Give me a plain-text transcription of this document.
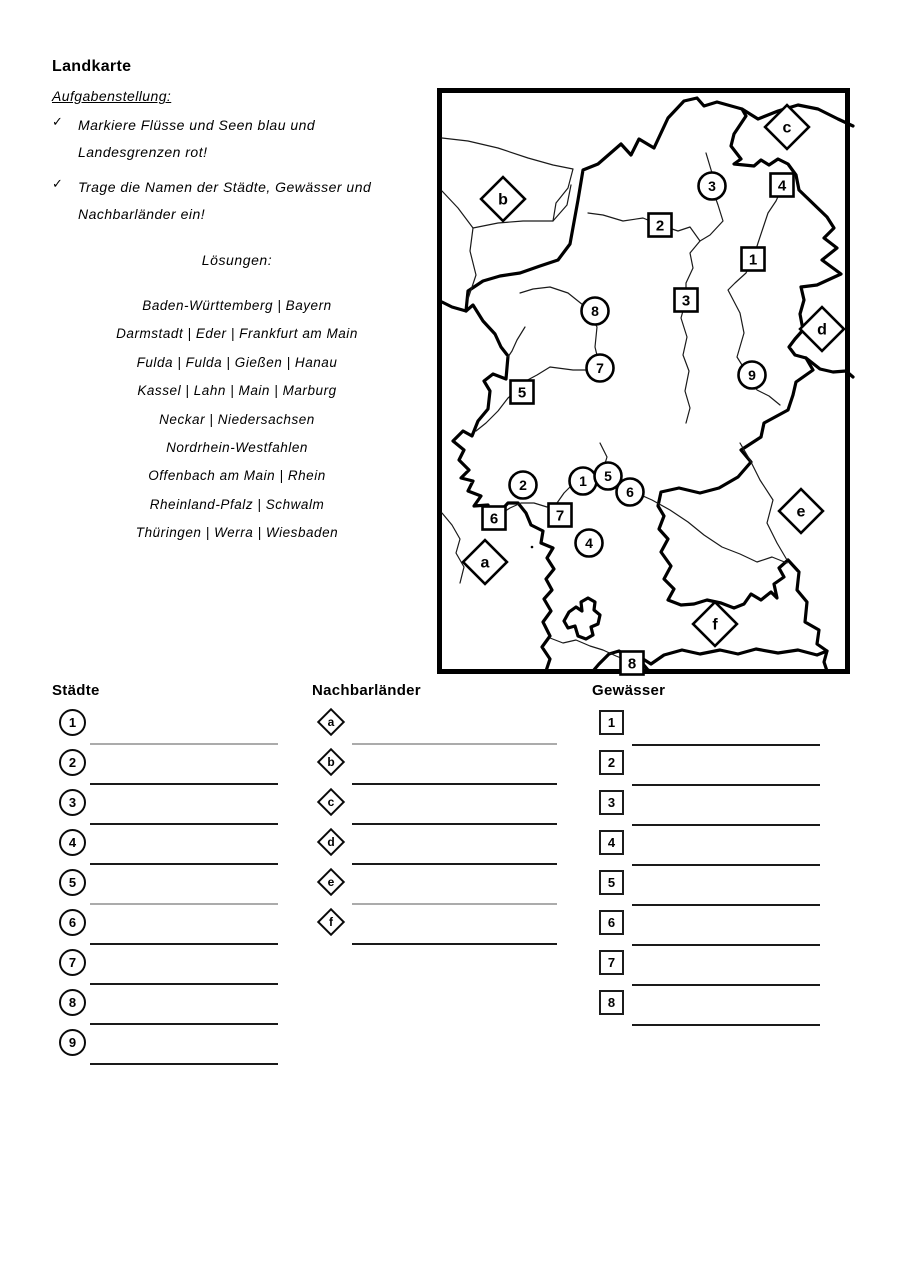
Landkarte
Aufgabenstellung:
✓ Markiere Flüsse und Seen blau und Landesgrenzen rot!
✓ Trage die Namen der Städte, Gewässer und Nachbarländer ein!
Lösungen:
Baden-Württemberg | Bayern
Darmstadt | Eder | Frankfurt am Main
Fulda | Fulda | Gießen | Hanau
Kassel | Lahn | Main | Marburg
Neckar | Niedersachsen
Nordrhein-Westfahlen
Offenbach am Main | Rhein
Rheinland-Pfalz | Schwalm
Thüringen | Werra | Wiesbaden
1
2
3
4
5
6
7
8
9
1
2
3
4
5
6	7
8
a
b
c
d
e
f
Städte
1
2
3
4
5
6
7
8
9
Nachbarländer
a
b
c
d
e
f
Gewässer
1
2
3
4
5
6
7
8
